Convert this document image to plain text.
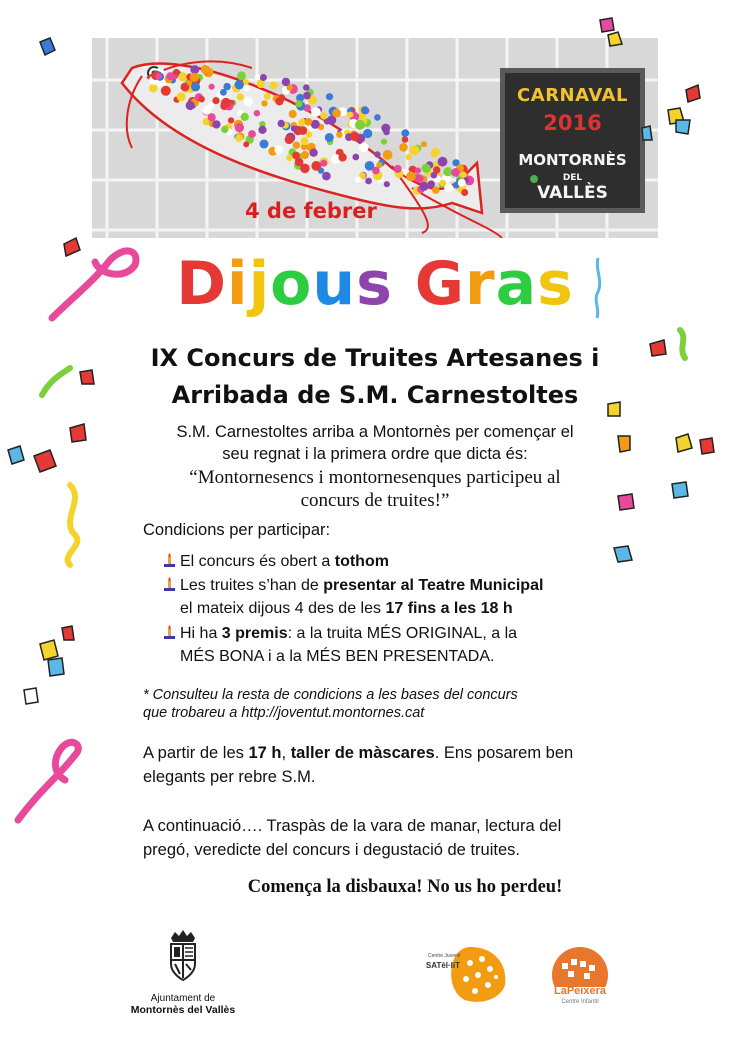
CARNAVAL
2016
MONTORNÈS
DEL
VALLÈS
4 de febrer
Dijous Gras
IX Concurs de Truites Artesanes i
Arribada de S.M. Carnestoltes
S.M. Carnestoltes arriba a Montornès per començar el
seu regnat i la primera ordre que dicta és:
“Montornesencs i montornesenques participeu al
concurs de truites!”
Condicions per participar:
El concurs és obert a tothom
Les truites s’han de presentar al Teatre Municipal
el mateix dijous 4 des de les 17 fins a les 18 h
Hi ha 3 premis: a la truita MÉS ORIGINAL, a la
MÉS BONA i a la MÉS BEN PRESENTADA.
* Consulteu la resta de condicions a les bases del concurs
que trobareu a http://joventut.montornes.cat
A partir de les 17 h, taller de màscares. Ens posarem ben
elegants per rebre S.M.
A continuació…. Traspàs de la vara de manar, lectura del
pregó, veredicte del concurs i degustació de truites.
Comença la disbauxa! No us ho perdeu!
Ajuntament de
Montornès del Vallès
Centre Juvenil
SATèl·liT
LaPeixera
Centre Infantil
